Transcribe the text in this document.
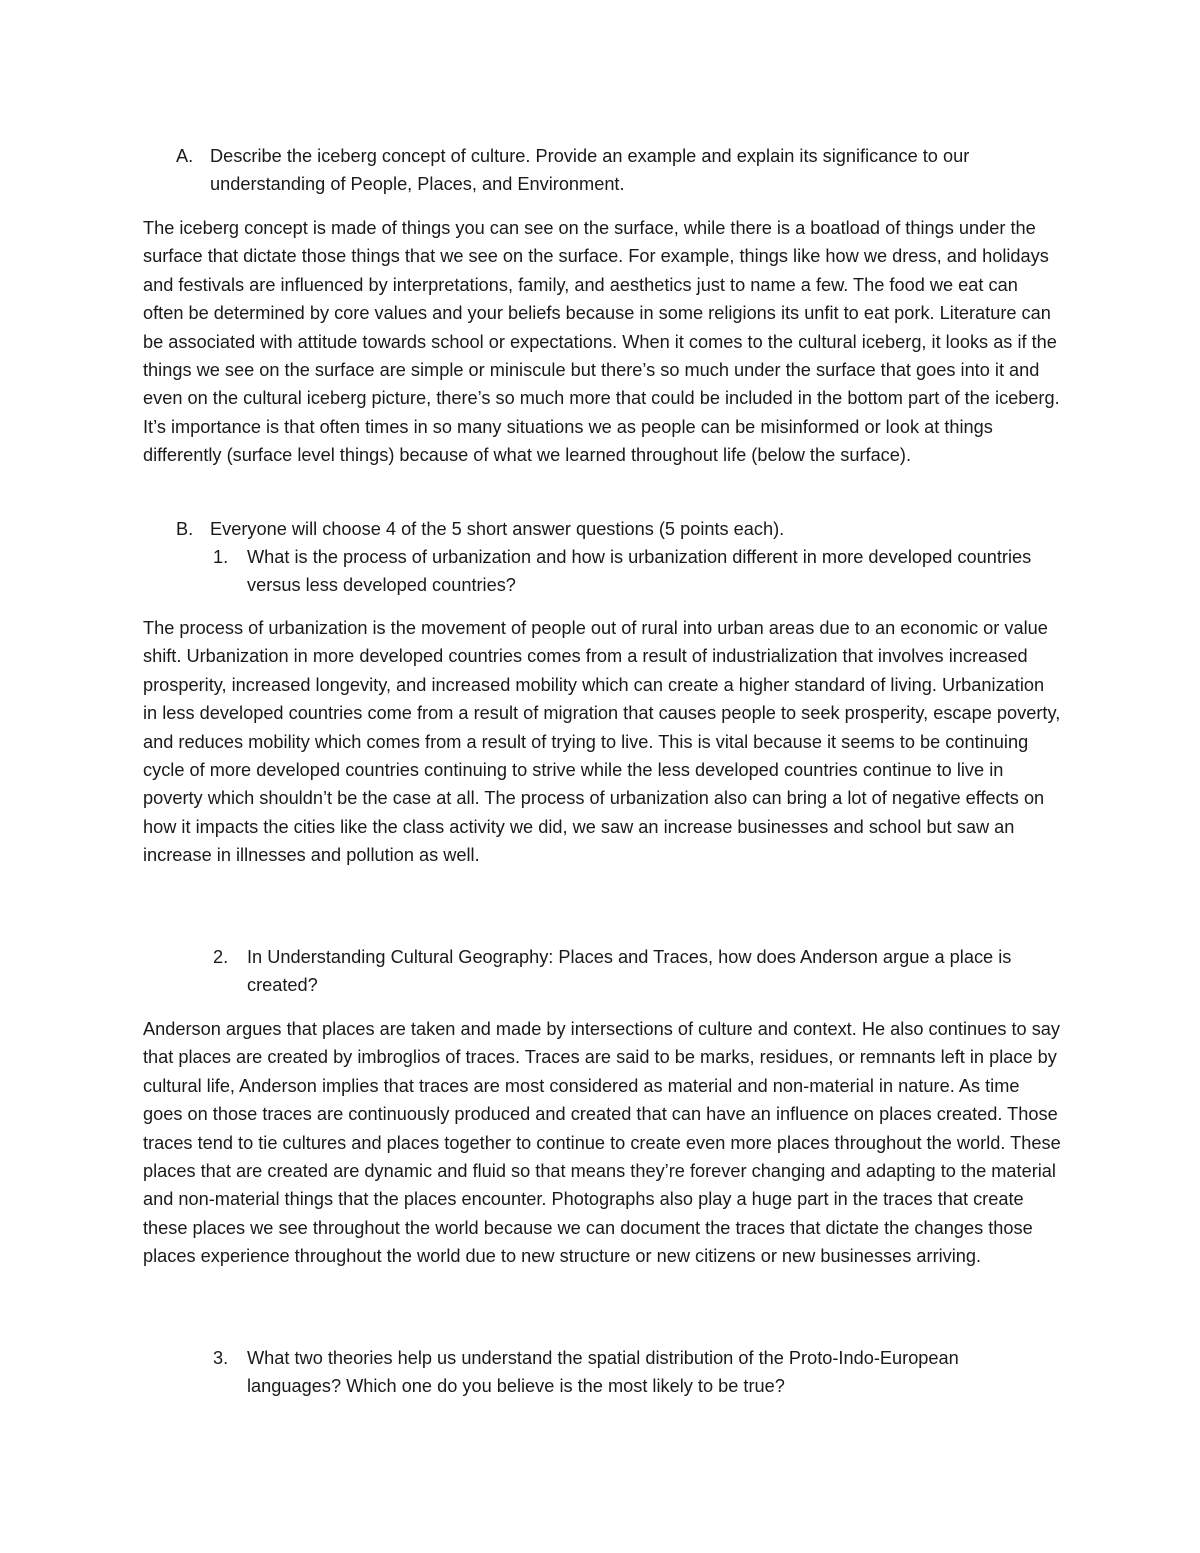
A. Describe the iceberg concept of culture. Provide an example and explain its significance to our understanding of People, Places, and Environment.

The iceberg concept is made of things you can see on the surface, while there is a boatload of things under the surface that dictate those things that we see on the surface. For example, things like how we dress, and holidays and festivals are influenced by interpretations, family, and aesthetics just to name a few. The food we eat can often be determined by core values and your beliefs because in some religions its unfit to eat pork. Literature can be associated with attitude towards school or expectations. When it comes to the cultural iceberg, it looks as if the things we see on the surface are simple or miniscule but there’s so much under the surface that goes into it and even on the cultural iceberg picture, there’s so much more that could be included in the bottom part of the iceberg. It’s importance is that often times in so many situations we as people can be misinformed or look at things differently (surface level things) because of what we learned throughout life (below the surface).

B. Everyone will choose 4 of the 5 short answer questions (5 points each).
1. What is the process of urbanization and how is urbanization different in more developed countries versus less developed countries?

The process of urbanization is the movement of people out of rural into urban areas due to an economic or value shift. Urbanization in more developed countries comes from a result of industrialization that involves increased prosperity, increased longevity, and increased mobility which can create a higher standard of living. Urbanization in less developed countries come from a result of migration that causes people to seek prosperity, escape poverty, and reduces mobility which comes from a result of trying to live. This is vital because it seems to be continuing cycle of more developed countries continuing to strive while the less developed countries continue to live in poverty which shouldn’t be the case at all. The process of urbanization also can bring a lot of negative effects on how it impacts the cities like the class activity we did, we saw an increase businesses and school but saw an increase in illnesses and pollution as well.

2. In Understanding Cultural Geography: Places and Traces, how does Anderson argue a place is created?

Anderson argues that places are taken and made by intersections of culture and context. He also continues to say that places are created by imbroglios of traces. Traces are said to be marks, residues, or remnants left in place by cultural life, Anderson implies that traces are most considered as material and non-material in nature. As time goes on those traces are continuously produced and created that can have an influence on places created. Those traces tend to tie cultures and places together to continue to create even more places throughout the world. These places that are created are dynamic and fluid so that means they’re forever changing and adapting to the material and non-material things that the places encounter. Photographs also play a huge part in the traces that create these places we see throughout the world because we can document the traces that dictate the changes those places experience throughout the world due to new structure or new citizens or new businesses arriving.

3. What two theories help us understand the spatial distribution of the Proto-Indo-European languages? Which one do you believe is the most likely to be true?
